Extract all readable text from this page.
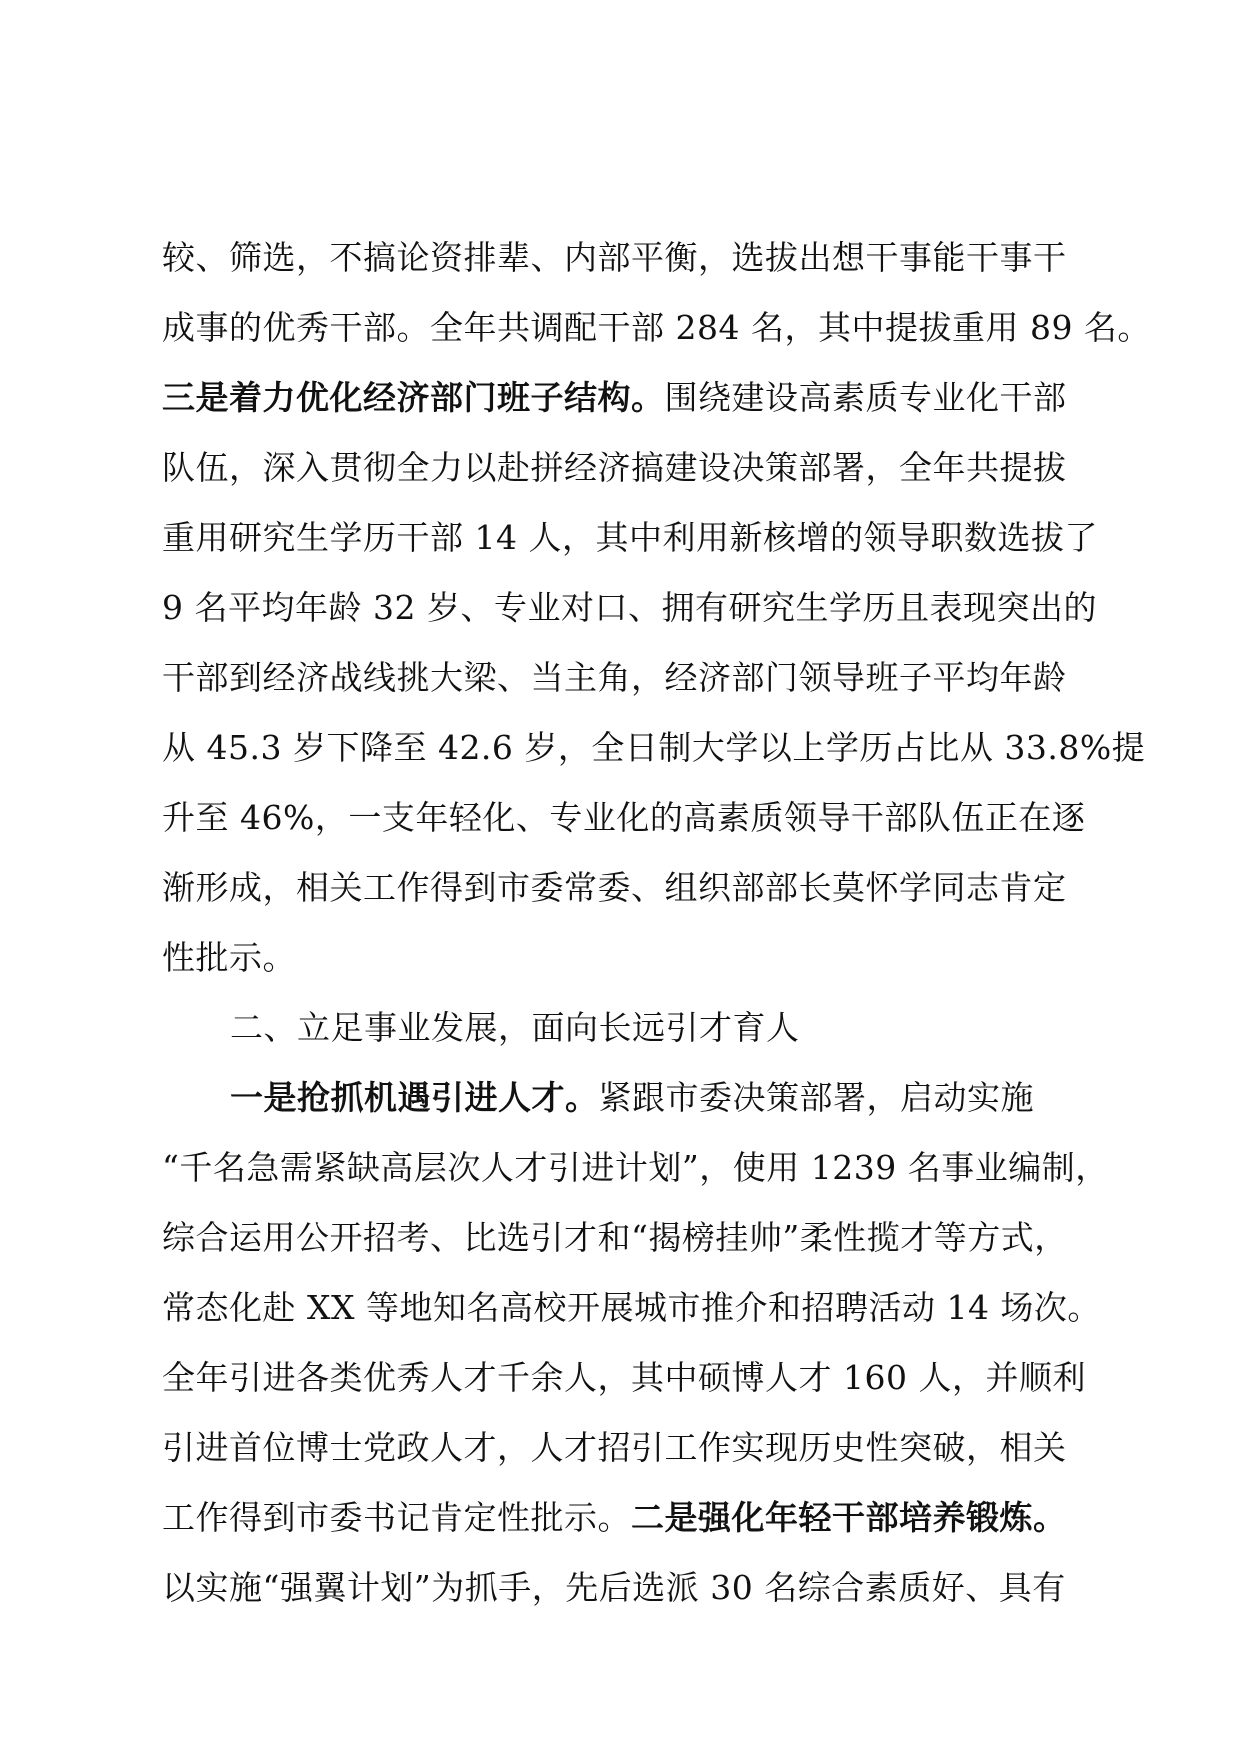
较、筛选，不搞论资排辈、内部平衡，选拔出想干事能干事干
成事的优秀干部。全年共调配干部 284 名，其中提拔重用 89 名。
三是着力优化经济部门班子结构。围绕建设高素质专业化干部
队伍，深入贯彻全力以赴拼经济搞建设决策部署，全年共提拔
重用研究生学历干部 14 人，其中利用新核增的领导职数选拔了
9 名平均年龄 32 岁、专业对口、拥有研究生学历且表现突出的
干部到经济战线挑大梁、当主角，经济部门领导班子平均年龄
从 45.3 岁下降至 42.6 岁，全日制大学以上学历占比从 33.8%提
升至 46%，一支年轻化、专业化的高素质领导干部队伍正在逐
渐形成，相关工作得到市委常委、组织部部长莫怀学同志肯定
性批示。
二、立足事业发展，面向长远引才育人
一是抢抓机遇引进人才。紧跟市委决策部署，启动实施
“千名急需紧缺高层次人才引进计划”，使用 1239 名事业编制，
综合运用公开招考、比选引才和“揭榜挂帅”柔性揽才等方式，
常态化赴 XX 等地知名高校开展城市推介和招聘活动 14 场次。
全年引进各类优秀人才千余人，其中硕博人才 160 人，并顺利
引进首位博士党政人才，人才招引工作实现历史性突破，相关
工作得到市委书记肯定性批示。二是强化年轻干部培养锻炼。
以实施“强翼计划”为抓手，先后选派 30 名综合素质好、具有
